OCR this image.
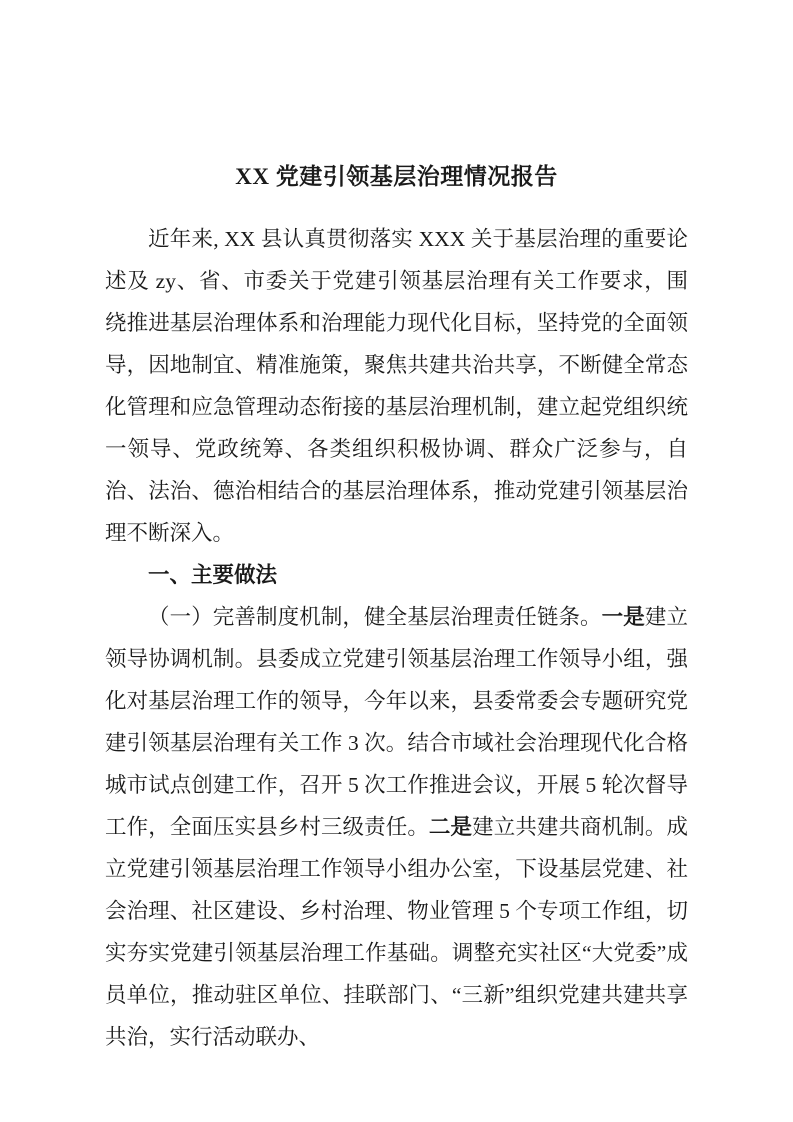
XX 党建引领基层治理情况报告

近年来, XX 县认真贯彻落实 XXX 关于基层治理的重要论述及 zy、省、市委关于党建引领基层治理有关工作要求，围绕推进基层治理体系和治理能力现代化目标，坚持党的全面领导，因地制宜、精准施策，聚焦共建共治共享，不断健全常态化管理和应急管理动态衔接的基层治理机制，建立起党组织统一领导、党政统筹、各类组织积极协调、群众广泛参与，自治、法治、德治相结合的基层治理体系，推动党建引领基层治理不断深入。

一、主要做法

（一）完善制度机制，健全基层治理责任链条。一是建立领导协调机制。县委成立党建引领基层治理工作领导小组，强化对基层治理工作的领导，今年以来，县委常委会专题研究党建引领基层治理有关工作 3 次。结合市域社会治理现代化合格城市试点创建工作，召开 5 次工作推进会议，开展 5 轮次督导工作，全面压实县乡村三级责任。二是建立共建共商机制。成立党建引领基层治理工作领导小组办公室，下设基层党建、社会治理、社区建设、乡村治理、物业管理 5 个专项工作组，切实夯实党建引领基层治理工作基础。调整充实社区“大党委”成员单位，推动驻区单位、挂联部门、“三新”组织党建共建共享共治，实行活动联办、
